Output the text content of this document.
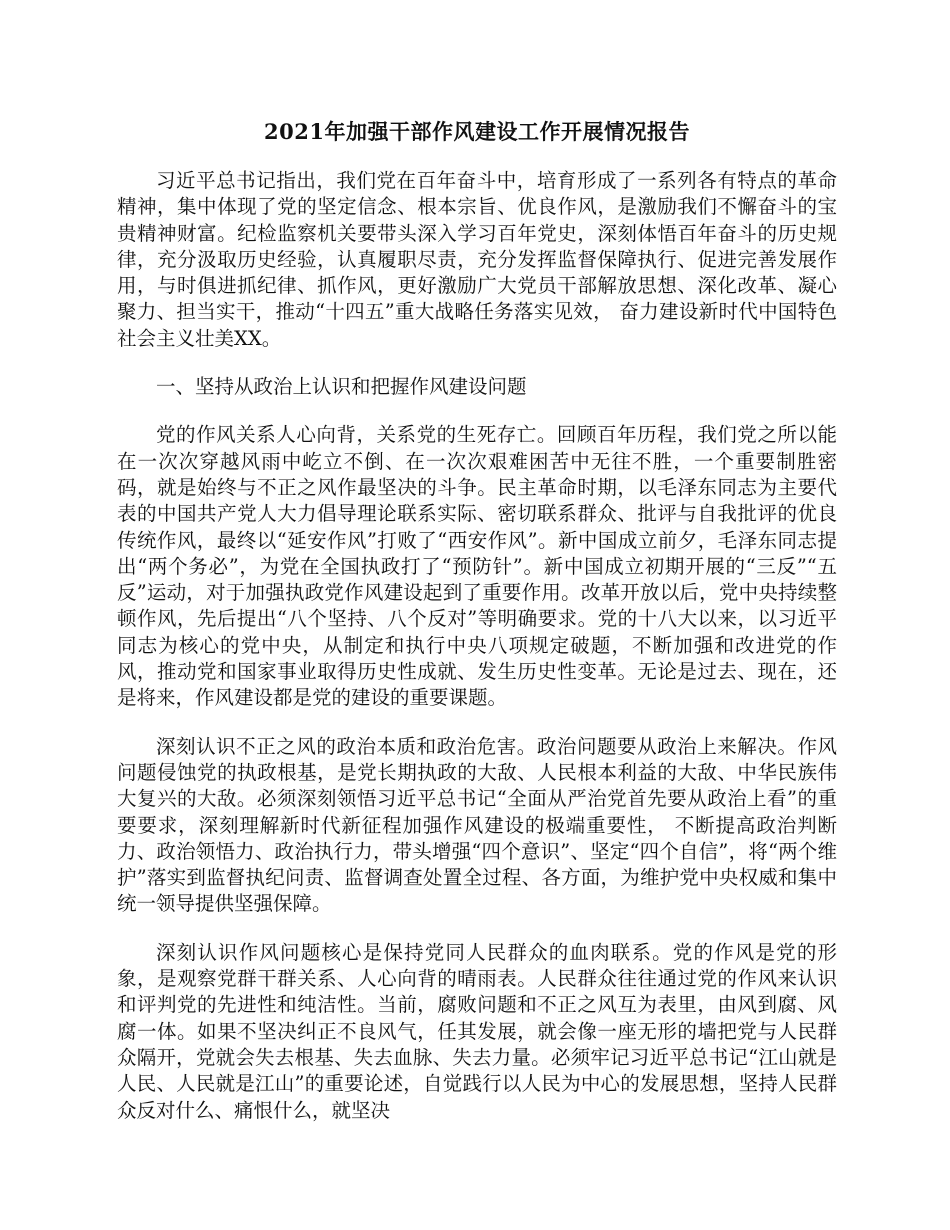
2021年加强干部作风建设工作开展情况报告

习近平总书记指出，我们党在百年奋斗中，培育形成了一系列各有特点的革命精神，集中体现了党的坚定信念、根本宗旨、优良作风，是激励我们不懈奋斗的宝贵精神财富。纪检监察机关要带头深入学习百年党史，深刻体悟百年奋斗的历史规律，充分汲取历史经验，认真履职尽责，充分发挥监督保障执行、促进完善发展作用，与时俱进抓纪律、抓作风，更好激励广大党员干部解放思想、深化改革、凝心聚力、担当实干，推动“十四五”重大战略任务落实见效， 奋力建设新时代中国特色社会主义壮美XX。

一、坚持从政治上认识和把握作风建设问题

党的作风关系人心向背，关系党的生死存亡。回顾百年历程，我们党之所以能在一次次穿越风雨中屹立不倒、在一次次艰难困苦中无往不胜，一个重要制胜密码，就是始终与不正之风作最坚决的斗争。民主革命时期，以毛泽东同志为主要代表的中国共产党人大力倡导理论联系实际、密切联系群众、批评与自我批评的优良传统作风，最终以“延安作风”打败了“西安作风”。新中国成立前夕，毛泽东同志提出“两个务必”，为党在全国执政打了“预防针”。新中国成立初期开展的“三反”“五反”运动，对于加强执政党作风建设起到了重要作用。改革开放以后，党中央持续整顿作风，先后提出“八个坚持、八个反对”等明确要求。党的十八大以来，以习近平同志为核心的党中央，从制定和执行中央八项规定破题，不断加强和改进党的作风，推动党和国家事业取得历史性成就、发生历史性变革。无论是过去、现在，还是将来，作风建设都是党的建设的重要课题。

深刻认识不正之风的政治本质和政治危害。政治问题要从政治上来解决。作风问题侵蚀党的执政根基，是党长期执政的大敌、人民根本利益的大敌、中华民族伟大复兴的大敌。必须深刻领悟习近平总书记“全面从严治党首先要从政治上看”的重要要求，深刻理解新时代新征程加强作风建设的极端重要性， 不断提高政治判断力、政治领悟力、政治执行力，带头增强“四个意识”、坚定“四个自信”，将“两个维护”落实到监督执纪问责、监督调查处置全过程、各方面，为维护党中央权威和集中统一领导提供坚强保障。

深刻认识作风问题核心是保持党同人民群众的血肉联系。党的作风是党的形象，是观察党群干群关系、人心向背的晴雨表。人民群众往往通过党的作风来认识和评判党的先进性和纯洁性。当前，腐败问题和不正之风互为表里，由风到腐、风腐一体。如果不坚决纠正不良风气，任其发展，就会像一座无形的墙把党与人民群众隔开，党就会失去根基、失去血脉、失去力量。必须牢记习近平总书记“江山就是人民、人民就是江山”的重要论述，自觉践行以人民为中心的发展思想，坚持人民群众反对什么、痛恨什么，就坚决
